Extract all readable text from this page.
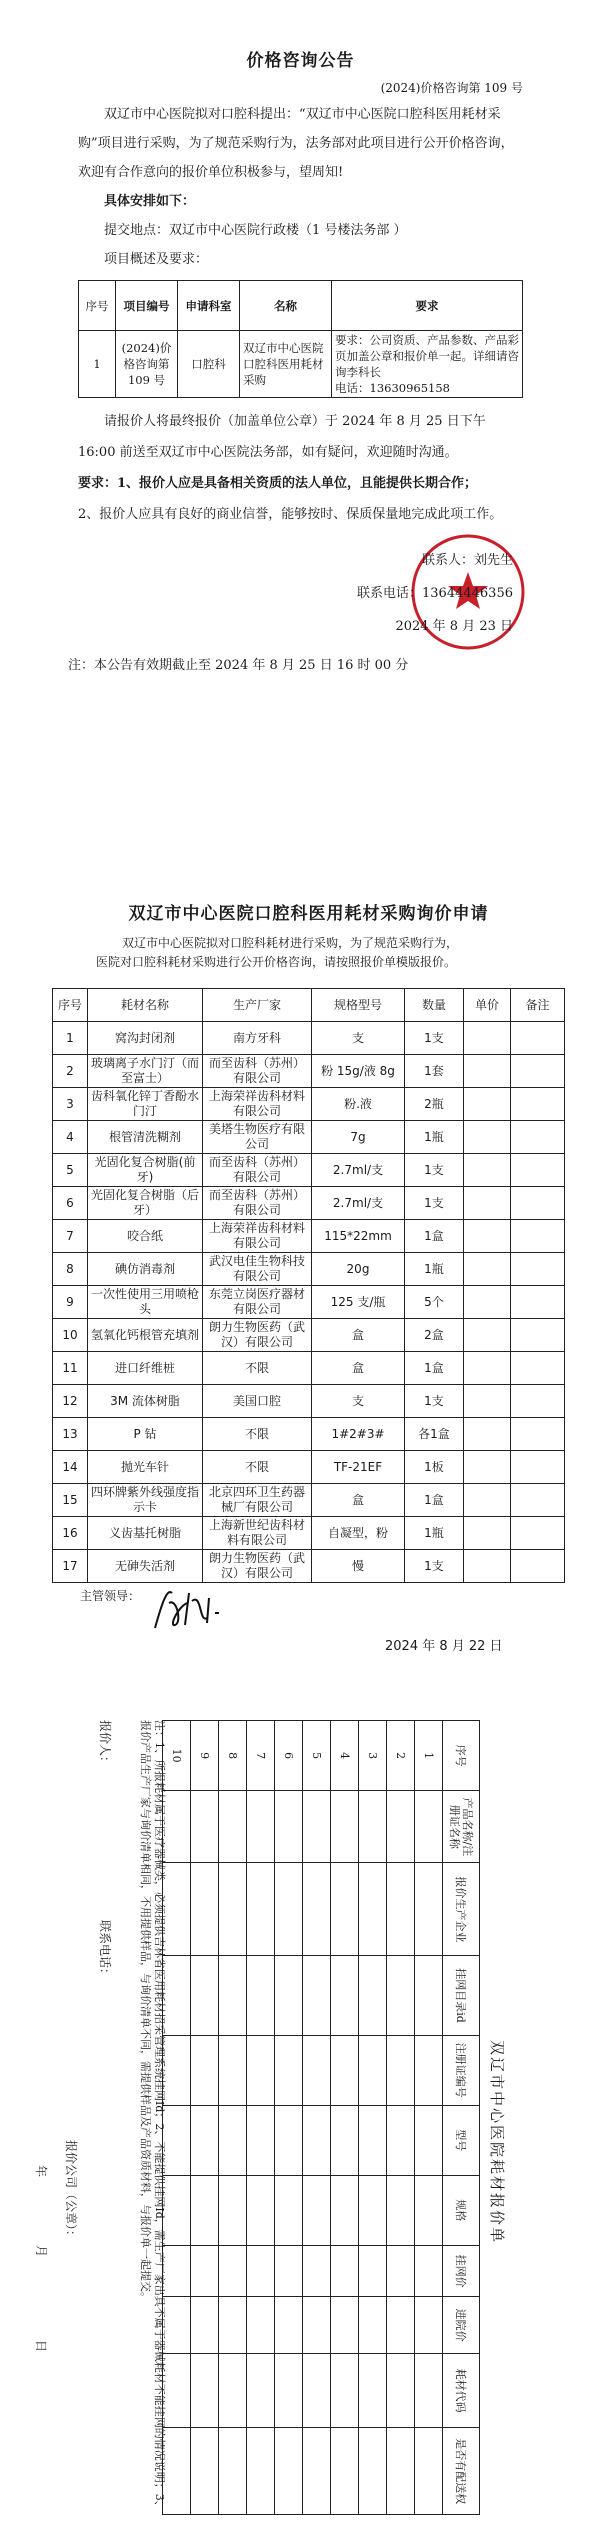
价格咨询公告
(2024)价格咨询第 109 号

双辽市中心医院拟对口腔科提出：“双辽市中心医院口腔科医用耗材采购”项目进行采购，为了规范采购行为，法务部对此项目进行公开价格咨询，欢迎有合作意向的报价单位积极参与，望周知!

具体安排如下：

提交地点：双辽市中心医院行政楼（1 号楼法务部 ）

项目概述及要求：

序号	项目编号	申请科室	名称	要求
1	(2024)价格咨询第 109 号	口腔科	双辽市中心医院口腔科医用耗材采购	要求：公司资质、产品参数、产品彩页加盖公章和报价单一起。详细请咨询李科长
电话：13630965158

请报价人将最终报价（加盖单位公章）于 2024 年 8 月 25 日下午 16:00 前送至双辽市中心医院法务部，如有疑问，欢迎随时沟通。

要求：1、报价人应是具备相关资质的法人单位，且能提供长期合作；

2、报价人应具有良好的商业信誉，能够按时、保质保量地完成此项工作。

联系人：刘先生
联系电话：13644446356
2024 年 8 月 23 日

注：本公告有效期截止至 2024 年 8 月 25 日 16 时 00 分

双辽市中心医院口腔科医用耗材采购询价申请
双辽市中心医院拟对口腔科耗材进行采购，为了规范采购行为，
医院对口腔科耗材采购进行公开价格咨询，请按照报价单模版报价。
序号	耗材名称	生产厂家	规格型号	数量	单价	备注
1	窝沟封闭剂	南方牙科	支	1支		
2	玻璃离子水门汀（而至富士）	而至齿科（苏州）有限公司	粉 15g/液 8g	1套		
3	齿科氧化锌丁香酚水门汀	上海荣祥齿科材料有限公司	粉.液	2瓶		
4	根管清洗糊剂	美塔生物医疗有限公司	7g	1瓶		
5	光固化复合树脂(前牙)	而至齿科（苏州）有限公司	2.7ml/支	1支		
6	光固化复合树脂（后牙）	而至齿科（苏州）有限公司	2.7ml/支	1支		
7	咬合纸	上海荣祥齿科材料有限公司	115*22mm	1盒		
8	碘仿消毒剂	武汉电佳生物科技有限公司	20g	1瓶		
9	一次性使用三用喷枪头	东莞立岗医疗器材有限公司	125 支/瓶	5个		
10	氢氧化钙根管充填剂	朗力生物医药（武汉）有限公司	盒	2盒		
11	进口纤维桩	不限	盒	1盒		
12	3M 流体树脂	美国口腔	支	1支		
13	P 钻	不限	1#2#3#	各1盒		
14	抛光车针	不限	TF-21EF	1板		
15	四环牌紫外线强度指示卡	北京四环卫生药器械厂有限公司	盒	1盒		
16	义齿基托树脂	上海新世纪齿科材料有限公司	自凝型，粉	1瓶		
17	无砷失活剂	朗力生物医药（武汉）有限公司	慢	1支		
主管领导：
2024 年 8 月 22 日
双辽市中心医院耗材报价单
序号	产品名称/注册证名称	报价生产企业	挂网目录id	注册证编号	型号	规格	挂网价	进院价	耗材代码	是否有配送权
1										
2										
3										
4										
5										
6										
7										
8										
9										
10										
注：1、所报耗材属于医疗器械类，必须提供吉林省医用耗材招采管理系统挂网Id；2、不能提供挂网Id，需生产厂家出具不属于器械耗材不能挂网的情况说明；3、报价产品生产厂家与询价清单相同，不用提供样品，与询价清单不同，需提供样品及产品资质材料，与报价单一起提交。
报价人：
联系电话：
报价公司（公章）：
年
月
日
